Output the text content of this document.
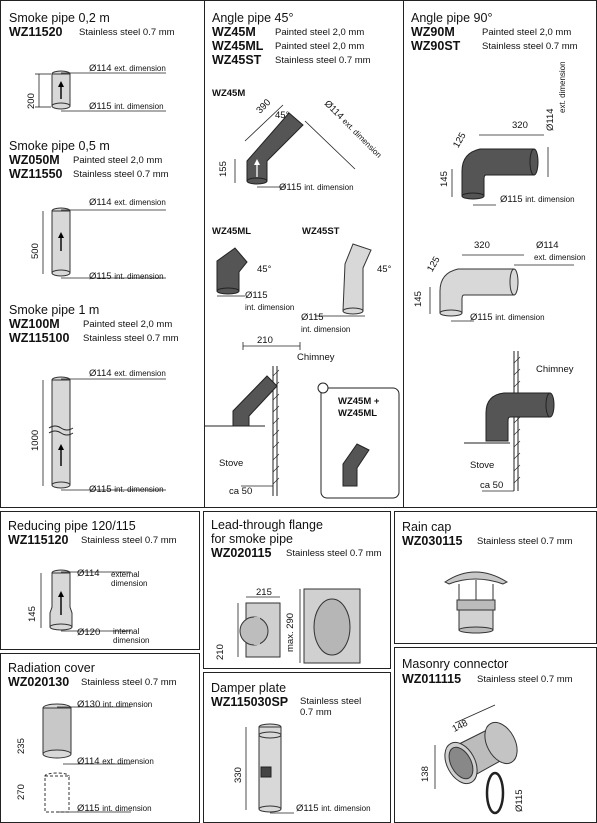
Smoke pipe 0,2 m
WZ11520 Stainless steel 0.7 mm
Ø114 ext. dimension
200	Ø115 int. dimension
Smoke pipe 0,5 m
WZ050M Painted steel 2,0 mm
WZ11550 Stainless steel 0.7 mm
Ø114 ext. dimension
500
Ø115 int. dimension
Smoke pipe 1 m
WZ100M Painted steel 2,0 mm
WZ115100 Stainless steel 0.7 mm
Ø114 ext. dimension
1000
Ø115 int. dimension
Angle pipe 45°
WZ45M Painted steel 2,0 mm
WZ45ML Painted steel 2,0 mm
WZ45ST Stainless steel 0.7 mm
WZ45M
390 45°	Ø114 ext. dimension
155
Ø115 int. dimension
WZ45ML	WZ45ST
45°	45°
Ø115
int. dimension
Ø115
int. dimension
210
Chimney
Stove
ca 50
WZ45M +
WZ45ML
Angle pipe 90°
WZ90M	Painted steel 2,0 mm
WZ90ST Stainless steel 0.7 mm
320
125
Ø114
ext. dimension
145
Ø115 int. dimension
320
125
Ø114
ext. dimension
145
Ø115 int. dimension
Chimney
Stove
ca 50
Reducing pipe 120/115
WZ115120 Stainless steel 0.7 mm
Ø114 external
dimension
145
Ø120 internal
dimension
Lead-through flange
for smoke pipe
WZ020115 Stainless steel 0.7 mm
215
210
max. 290
Rain cap
WZ030115 Stainless steel 0.7 mm
Radiation cover
WZ020130 Stainless steel 0.7 mm
Ø130 int. dimension
235
Ø114 ext. dimension
270
Ø115 int. dimension
Damper plate
WZ115030SP Stainless steel
0.7 mm
330
Ø115 int. dimension
Masonry connector
WZ011115 Stainless steel 0.7 mm
148
138
Ø115
